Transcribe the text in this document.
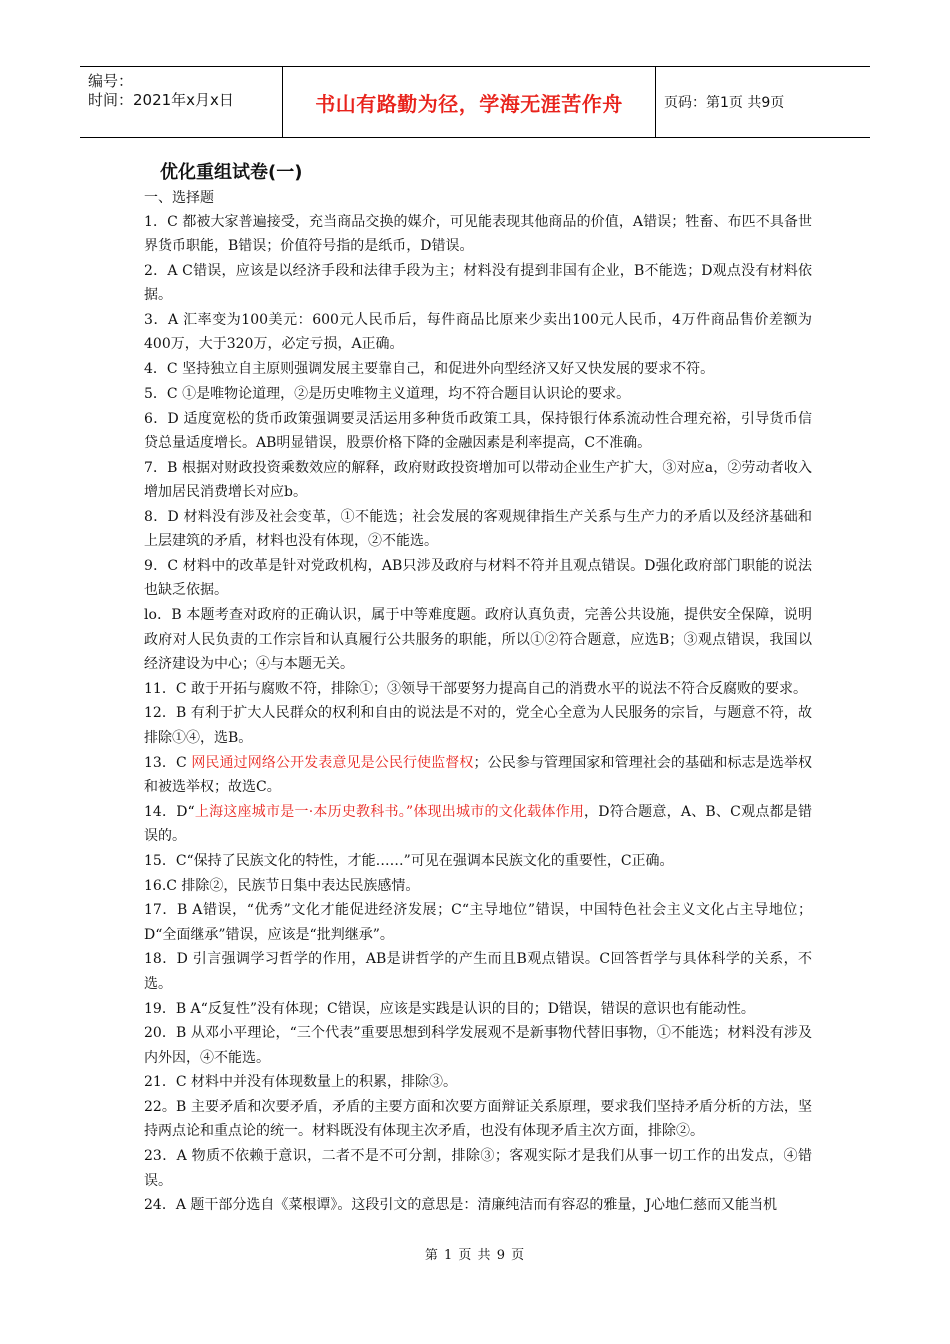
编号：
时间：2021年x月x日	书山有路勤为径，学海无涯苦作舟	页码：第1页 共9页
优化重组试卷(一)
一、选择题

1．C 都被大家普遍接受，充当商品交换的媒介，可见能表现其他商品的价值，A错误；牲畜、布匹不具备世界货币职能，B错误；价值符号指的是纸币，D错误。

2．A C错误，应该是以经济手段和法律手段为主；材料没有提到非国有企业，B不能选；D观点没有材料依据。

3．A 汇率变为100美元：600元人民币后，每件商品比原来少卖出100元人民币，4万件商品售价差额为400万，大于320万，必定亏损，A正确。

4．C 坚持独立自主原则强调发展主要靠自己，和促进外向型经济又好又快发展的要求不符。

5．C ①是唯物论道理，②是历史唯物主义道理，均不符合题目认识论的要求。

6．D 适度宽松的货币政策强调要灵活运用多种货币政策工具，保持银行体系流动性合理充裕，引导货币信贷总量适度增长。AB明显错误，股票价格下降的金融因素是利率提高，C不准确。

7．B 根据对财政投资乘数效应的解释，政府财政投资增加可以带动企业生产扩大，③对应a，②劳动者收入增加居民消费增长对应b。

8．D 材料没有涉及社会变革，①不能选；社会发展的客观规律指生产关系与生产力的矛盾以及经济基础和上层建筑的矛盾，材料也没有体现，②不能选。

9．C 材料中的改革是针对党政机构，AB只涉及政府与材料不符并且观点错误。D强化政府部门职能的说法也缺乏依据。

lo．B 本题考查对政府的正确认识，属于中等难度题。政府认真负责，完善公共设施，提供安全保障，说明政府对人民负责的工作宗旨和认真履行公共服务的职能，所以①②符合题意，应选B；③观点错误，我国以经济建设为中心；④与本题无关。

11．C 敢于开拓与腐败不符，排除①；③领导干部要努力提高自己的消费水平的说法不符合反腐败的要求。

12．B 有利于扩大人民群众的权利和自由的说法是不对的，党全心全意为人民服务的宗旨，与题意不符，故排除①④，选B。

13．C 网民通过网络公开发表意见是公民行使监督权；公民参与管理国家和管理社会的基础和标志是选举权和被选举权；故选C。

14．D“上海这座城市是一·本历史教科书。”体现出城市的文化载体作用，D符合题意，A、B、C观点都是错误的。

15．C“保持了民族文化的特性，才能……”可见在强调本民族文化的重要性，C正确。

16.C 排除②，民族节日集中表达民族感情。

17．B A错误，“优秀”文化才能促进经济发展；C“主导地位”错误，中国特色社会主义文化占主导地位；D“全面继承”错误，应该是“批判继承”。

18．D 引言强调学习哲学的作用，AB是讲哲学的产生而且B观点错误。C回答哲学与具体科学的关系，不选。

19．B A“反复性”没有体现；C错误，应该是实践是认识的目的；D错误，错误的意识也有能动性。

20．B 从邓小平理论，“三个代表”重要思想到科学发展观不是新事物代替旧事物，①不能选；材料没有涉及内外因，④不能选。

21．C 材料中并没有体现数量上的积累，排除③。

22。B 主要矛盾和次要矛盾，矛盾的主要方面和次要方面辩证关系原理，要求我们坚持矛盾分析的方法，坚持两点论和重点论的统一。材料既没有体现主次矛盾，也没有体现矛盾主次方面，排除②。

23．A 物质不依赖于意识，二者不是不可分割，排除③；客观实际才是我们从事一切工作的出发点，④错误。

24．A 题干部分选自《菜根谭》。这段引文的意思是：清廉纯洁而有容忍的雅量，J心地仁慈而又能当机

第 1 页 共 9 页
